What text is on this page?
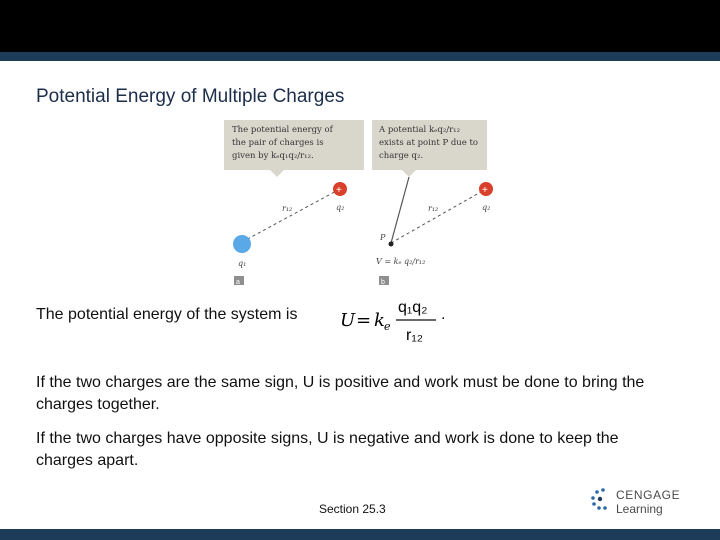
Potential Energy of Multiple Charges
The potential energy of
the pair of charges is
given by kₑq₁q₂/r₁₂.
+
r₁₂	q₂
q₁
a
A potential kₑq₂/r₁₂
exists at point P due to
charge q₂.
+
P
r₁₂	q₂
V = kₑ q₂/r₁₂
b
The potential energy of the system is U = k e
q₁q₂
r₁₂
.
If the two charges are the same sign, U is positive and work must be done to bring the charges together.
If the two charges have opposite signs, U is negative and work is done to keep the charges apart.
Section 25.3
CENGAGE
Learning
